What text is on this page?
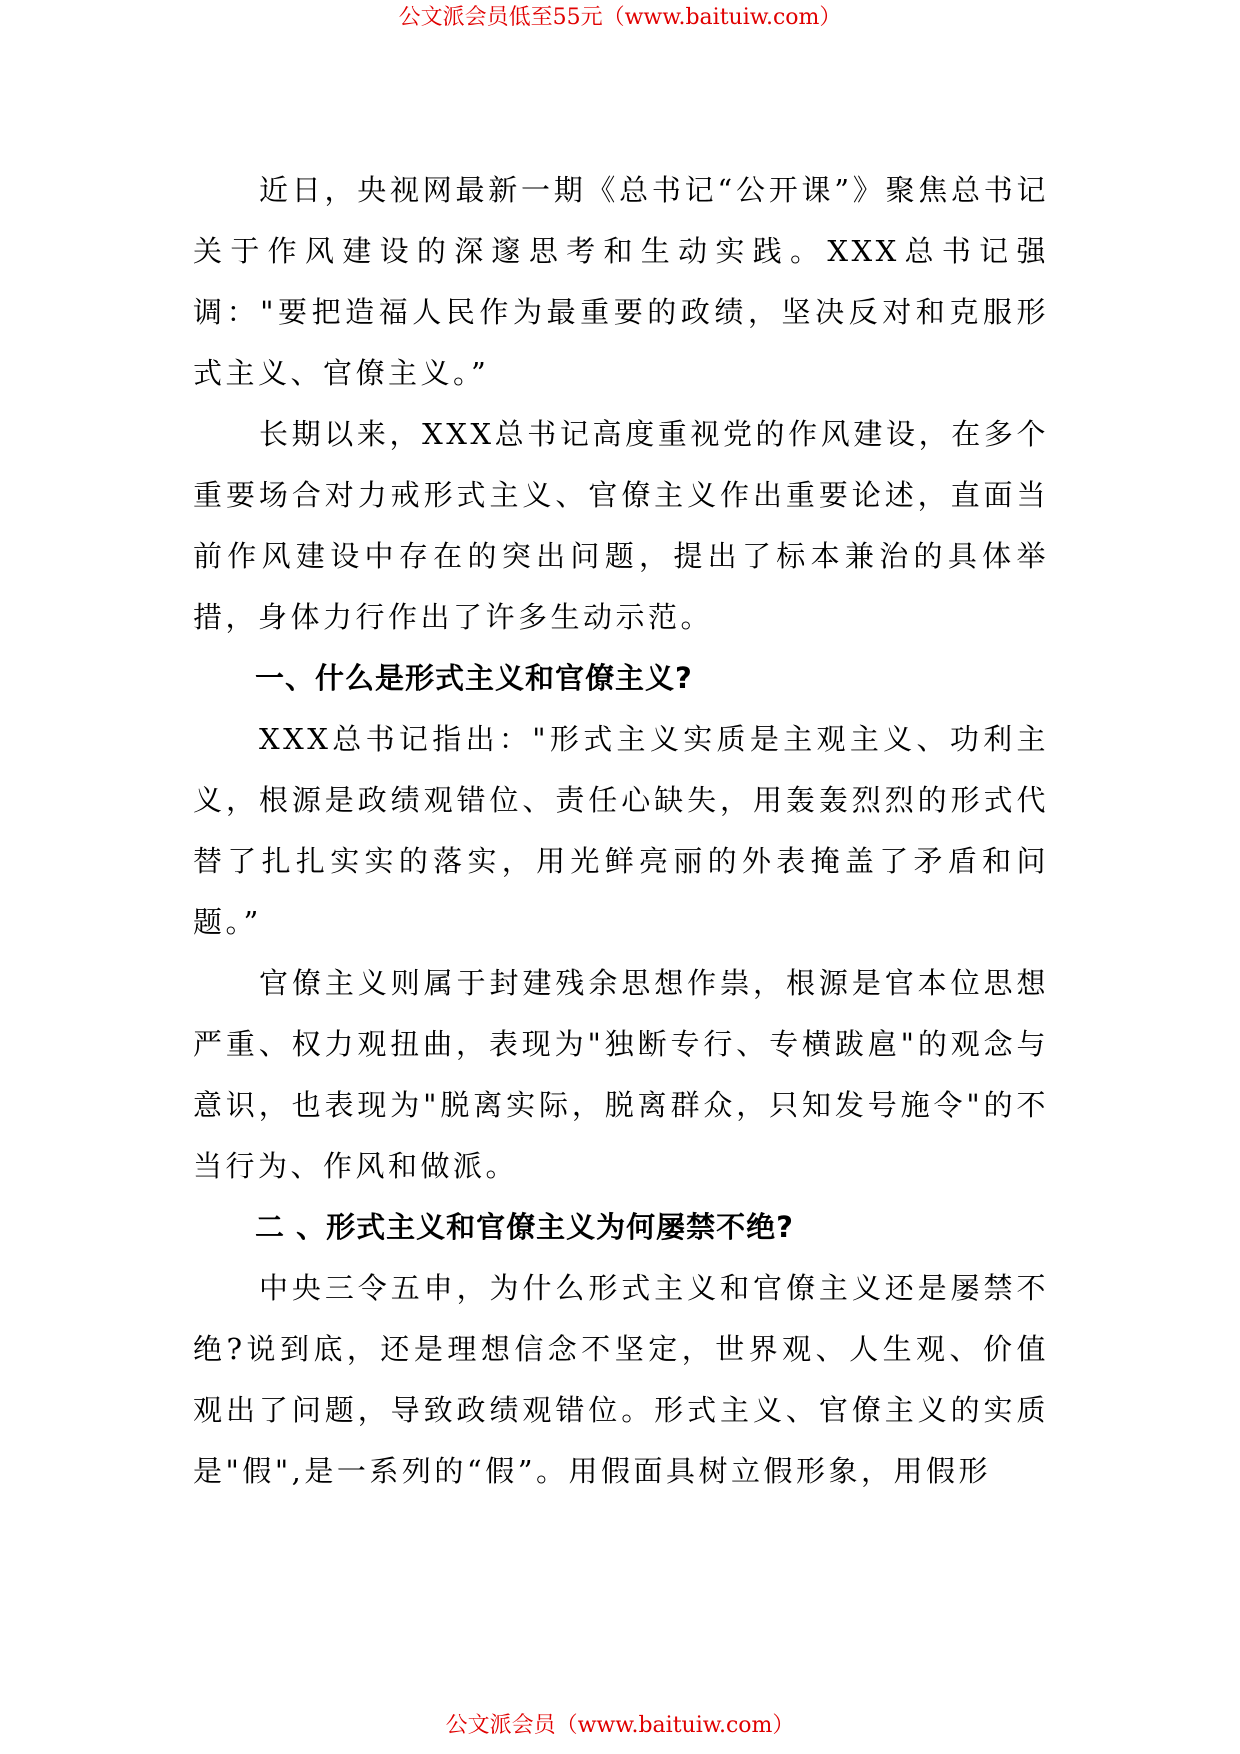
公文派会员低至55元（www.baituiw.com）

近日，央视网最新一期《总书记“公开课”》聚焦总书记关于作风建设的深邃思考和生动实践。XXX总书记强调："要把造福人民作为最重要的政绩，坚决反对和克服形式主义、官僚主义。”

长期以来，XXX总书记高度重视党的作风建设，在多个重要场合对力戒形式主义、官僚主义作出重要论述，直面当前作风建设中存在的突出问题，提出了标本兼治的具体举措，身体力行作出了许多生动示范。

一、什么是形式主义和官僚主义?

XXX总书记指出："形式主义实质是主观主义、功利主义，根源是政绩观错位、责任心缺失，用轰轰烈烈的形式代替了扎扎实实的落实，用光鲜亮丽的外表掩盖了矛盾和问题。”

官僚主义则属于封建残余思想作祟，根源是官本位思想严重、权力观扭曲，表现为"独断专行、专横跋扈"的观念与意识，也表现为"脱离实际，脱离群众，只知发号施令"的不当行为、作风和做派。

二 、形式主义和官僚主义为何屡禁不绝?

中央三令五申，为什么形式主义和官僚主义还是屡禁不绝?说到底，还是理想信念不坚定，世界观、人生观、价值观出了问题，导致政绩观错位。形式主义、官僚主义的实质是"假",是一系列的“假”。用假面具树立假形象，用假形

公文派会员（www.baituiw.com）
